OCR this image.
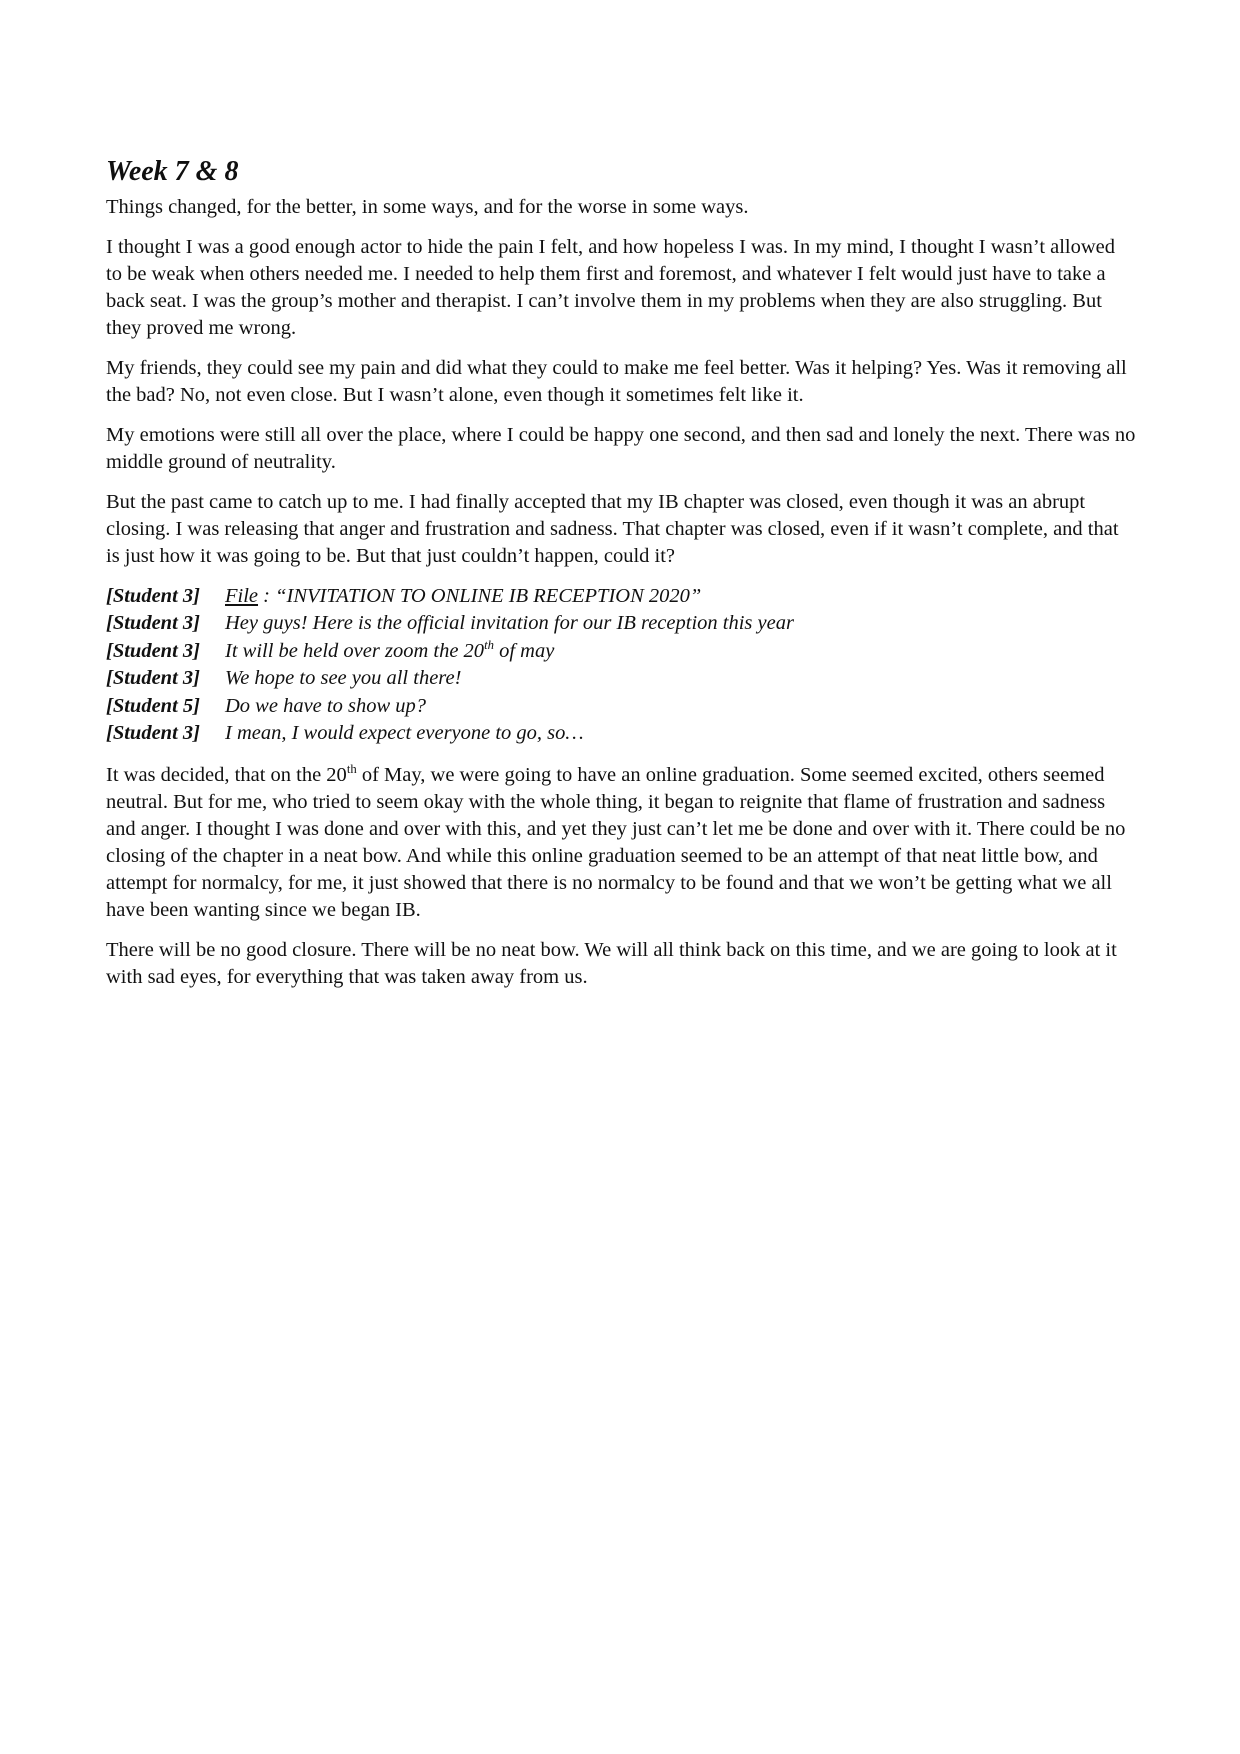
Week 7 & 8

Things changed, for the better, in some ways, and for the worse in some ways.

I thought I was a good enough actor to hide the pain I felt, and how hopeless I was. In my mind, I thought I wasn’t allowed to be weak when others needed me. I needed to help them first and foremost, and whatever I felt would just have to take a back seat. I was the group’s mother and therapist. I can’t involve them in my problems when they are also struggling. But they proved me wrong.

My friends, they could see my pain and did what they could to make me feel better. Was it helping? Yes. Was it removing all the bad? No, not even close. But I wasn’t alone, even though it sometimes felt like it.

My emotions were still all over the place, where I could be happy one second, and then sad and lonely the next. There was no middle ground of neutrality.

But the past came to catch up to me. I had finally accepted that my IB chapter was closed, even though it was an abrupt closing. I was releasing that anger and frustration and sadness. That chapter was closed, even if it wasn’t complete, and that is just how it was going to be. But that just couldn’t happen, could it?

[Student 3]	File : “INVITATION TO ONLINE IB RECEPTION 2020”
[Student 3]	Hey guys! Here is the official invitation for our IB reception this year
[Student 3]	It will be held over zoom the 20th of may
[Student 3]	We hope to see you all there!
[Student 5]	Do we have to show up?
[Student 3]	I mean, I would expect everyone to go, so…

It was decided, that on the 20th of May, we were going to have an online graduation. Some seemed excited, others seemed neutral. But for me, who tried to seem okay with the whole thing, it began to reignite that flame of frustration and sadness and anger. I thought I was done and over with this, and yet they just can’t let me be done and over with it. There could be no closing of the chapter in a neat bow. And while this online graduation seemed to be an attempt of that neat little bow, and attempt for normalcy, for me, it just showed that there is no normalcy to be found and that we won’t be getting what we all have been wanting since we began IB.

There will be no good closure. There will be no neat bow. We will all think back on this time, and we are going to look at it with sad eyes, for everything that was taken away from us.
